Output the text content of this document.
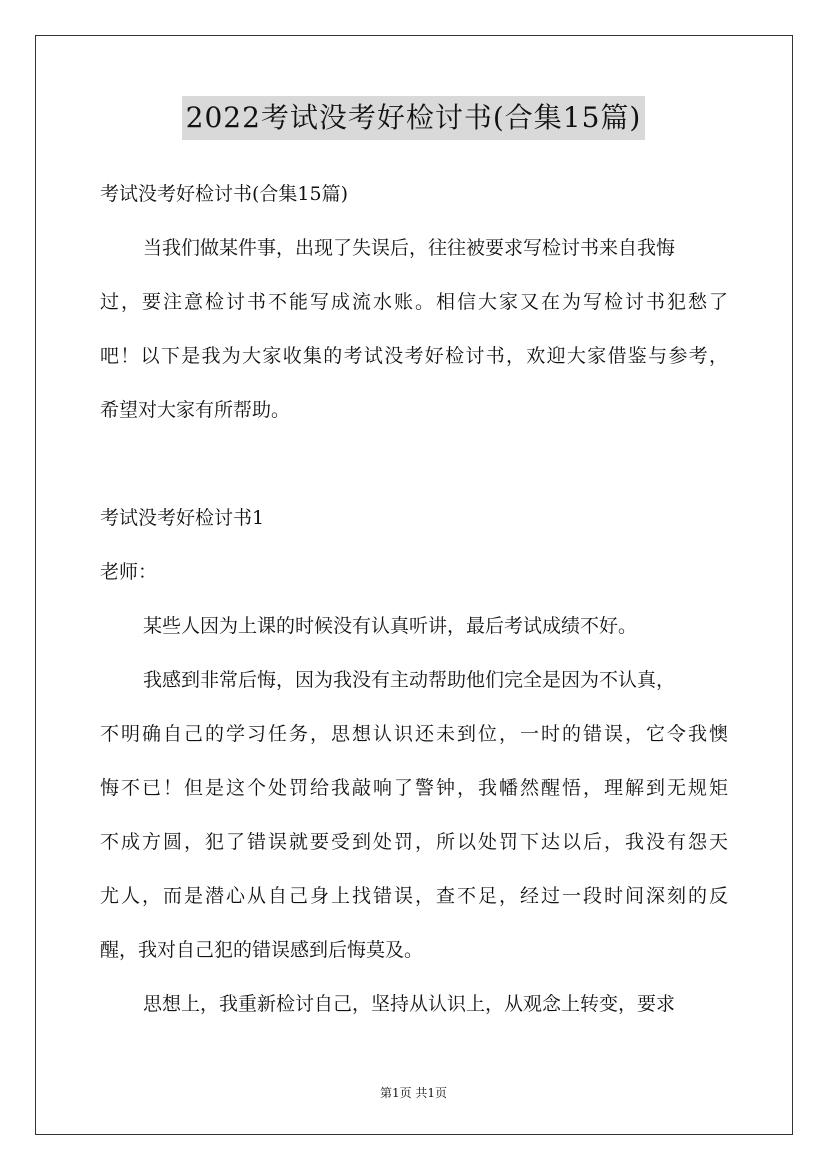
2022考试没考好检讨书(合集15篇)

考试没考好检讨书(合集15篇)

当我们做某件事，出现了失误后，往往被要求写检讨书来自我悔

过，要注意检讨书不能写成流水账。相信大家又在为写检讨书犯愁了

吧！以下是我为大家收集的考试没考好检讨书，欢迎大家借鉴与参考，

希望对大家有所帮助。

考试没考好检讨书1

老师：

某些人因为上课的时候没有认真听讲，最后考试成绩不好。

我感到非常后悔，因为我没有主动帮助他们完全是因为不认真，

不明确自己的学习任务，思想认识还未到位，一时的错误，它令我懊

悔不已！但是这个处罚给我敲响了警钟，我幡然醒悟，理解到无规矩

不成方圆，犯了错误就要受到处罚，所以处罚下达以后，我没有怨天

尤人，而是潜心从自己身上找错误，查不足，经过一段时间深刻的反

醒，我对自己犯的错误感到后悔莫及。

思想上，我重新检讨自己，坚持从认识上，从观念上转变，要求

第1页 共1页
